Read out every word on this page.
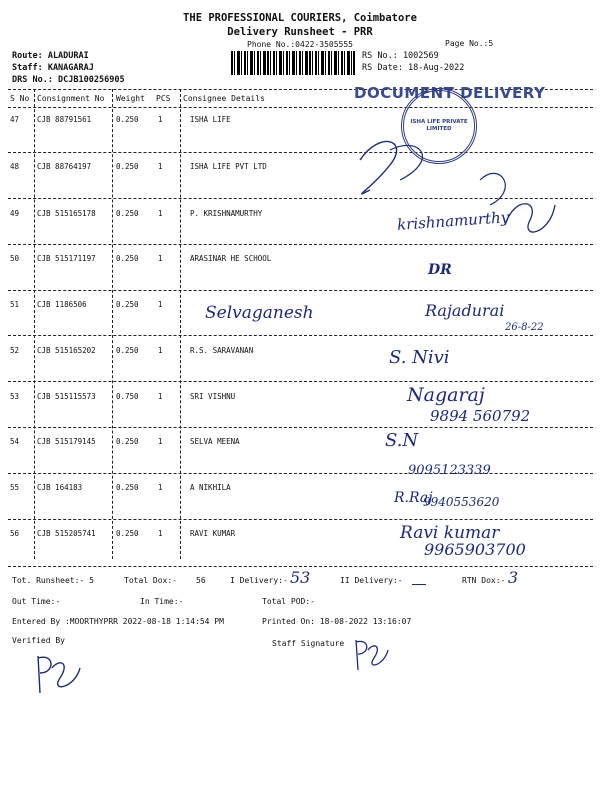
THE PROFESSIONAL COURIERS, Coimbatore
Delivery Runsheet - PRR
Phone No.:0422-3505555	Page No.:5
Route: ALADURAI
Staff: KANAGARAJ
DRS No.: DCJB100256905
RS No.: 1002569
RS Date: 18-Aug-2022
S No Consignment No Weight PCS Consignee Details
47 CJB 88791561	0.250	1	ISHA LIFE
48 CJB 88764197	0.250	1	ISHA LIFE PVT LTD
49 CJB 515165178	0.250	1	P. KRISHNAMURTHY
50 CJB 515171197	0.250	1	ARASINAR HE SCHOOL
51 CJB 1186506	0.250	1
52 CJB 515165202	0.250	1	R.S. SARAVANAN
53 CJB 515115573	0.750	1	SRI VISHNU
54 CJB 515179145	0.250	1	SELVA MEENA
55 CJB 164183	0.250	1	A NIKHILA
56 CJB 515205741	0.250	1	RAVI KUMAR
DOCUMENT DELIVERY
ISHA LIFE PRIVATE LIMITED
krishnamurthy
DR
Selvaganesh	Rajadurai
26-8-22
S. Nivi
Nagaraj
9894 560792
S.N
9095123339
R.Raj
9940553620
Ravi kumar
9965903700
Tot. Runsheet:- 5	Total Dox:- 56	I Delivery:- 53	II Delivery:-	RTN Dox:- 3
Out Time:-	In Time:-	Total POD:-
Entered By :MOORTHYPRR 2022-08-18 1:14:54 PM	Printed On: 18-08-2022 13:16:07
Verified By	Staff Signature
